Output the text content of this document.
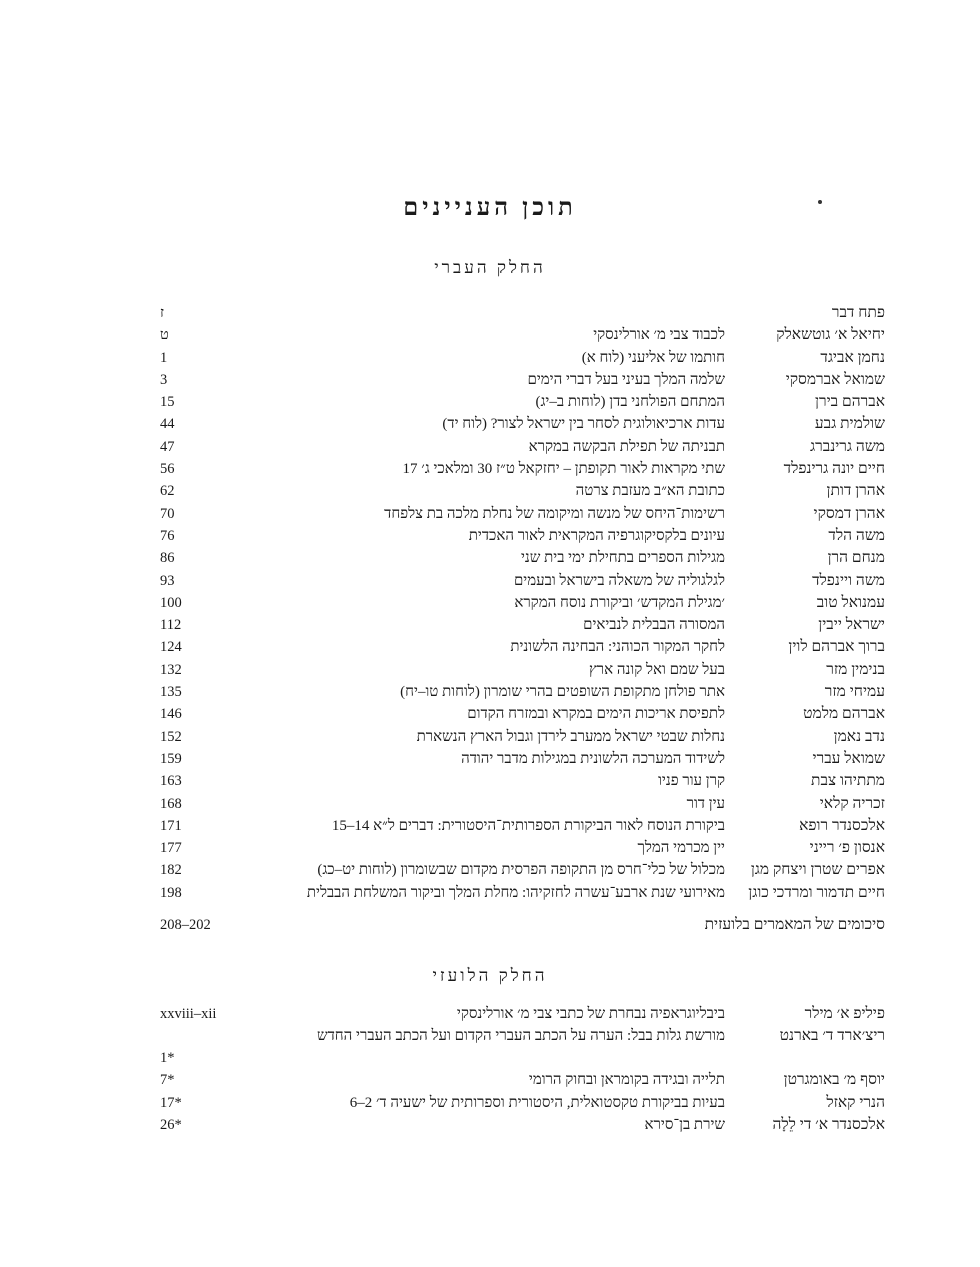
תוכן העניינים
החלק העברי
פתח דבר
ז
יחיאל א׳ גוטשאלק
לכבוד צבי מ׳ אורלינסקי
ט
נחמן אביגד
חותמו של אליעני (לוח א)
1
שמואל אברמסקי
שלמה המלך בעיני בעל דברי הימים
3
אברהם בירן
המתחם הפולחני בדן (לוחות ב–יג)
15
שולמית גבע
עדות ארכיאולוגית לסחר בין ישראל לצור? (לוח יד)
44
משה גרינברג
תבניתה של תפילת הבקשה במקרא
47
חיים יונה גרינפלד
שתי מקראות לאור תקופתן – יחזקאל ט״ז 30 ומלאכי ג׳ 17
56
אהרן דותן
כתובת הא״ב מעזבת צרטה
62
אהרן דמסקי
רשימות־היחס של מנשה ומיקומה של נחלת מלכה בת צלפחד
70
משה הלד
עיונים בלקסיקוגרפיה המקראית לאור האכדית
76
מנחם הרן
מגילות הספרים בתחילת ימי בית שני
86
משה ויינפלד
לגלגוליה של משאלה בישראל ובעמים
93
עמנואל טוב
׳מגילת המקדש׳ וביקורת נוסח המקרא
100
ישראל ייבין
המסורה הבבלית לנביאים
112
ברוך אברהם לוין
לחקר המקור הכוהני: הבחינה הלשונית
124
בנימין מזר
בעל שמם ואל קונה ארץ
132
עמיחי מזר
אתר פולחן מתקופת השופטים בהרי שומרון (לוחות טו–יח)
135
אברהם מלמט
לתפיסת אריכות הימים במקרא ובמזרח הקדום
146
נדב נאמן
נחלות שבטי ישראל ממערב לירדן וגבול הארץ הנשארת
152
שמואל עברי
לשידוד המערכה הלשונית במגילות מדבר יהודה
159
מתתיהו צבת
קרן עור פניו
163
זכריה קלאי
עין דור
168
אלכסנדר רופא
ביקורת הנוסח לאור הביקורת הספרותית־היסטורית: דברים ל״א 14–15
171
אנסון פ׳ רייני
יין מכרמי המלך
177
אפרים שטרן ויצחק מגן
מכלול של כלי־חרס מן התקופה הפרסית מקדום שבשומרון (לוחות יט–כג)
182
חיים תדמור ומרדכי כוגן
מאירועי שנת ארבע־עשרה לחזקיהו: מחלת המלך וביקור המשלחת הבבלית
198
סיכומים של המאמרים בלועזית
208–202
החלק הלועזי
פיליפ א׳ מילר
ביבליוגראפיה נבחרת של כתבי צבי מ׳ אורלינסקי
xxviii–xii
ריצ׳ארד ד׳ בארנט
מורשת גלות בבל: הערה על הכתב העברי הקדום ועל הכתב העברי החדש
1*
יוסף מ׳ באומגרטן
תלייה ובגידה בקומראן ובחוק הרומי
7*
הנרי קאזל
בעיות בביקורת טקסטואלית, היסטורית וספרותית של ישעיה ד׳ 2–6
17*
אלכסנדר א׳ די לֵלָה
שירת בן־סירא
26*
